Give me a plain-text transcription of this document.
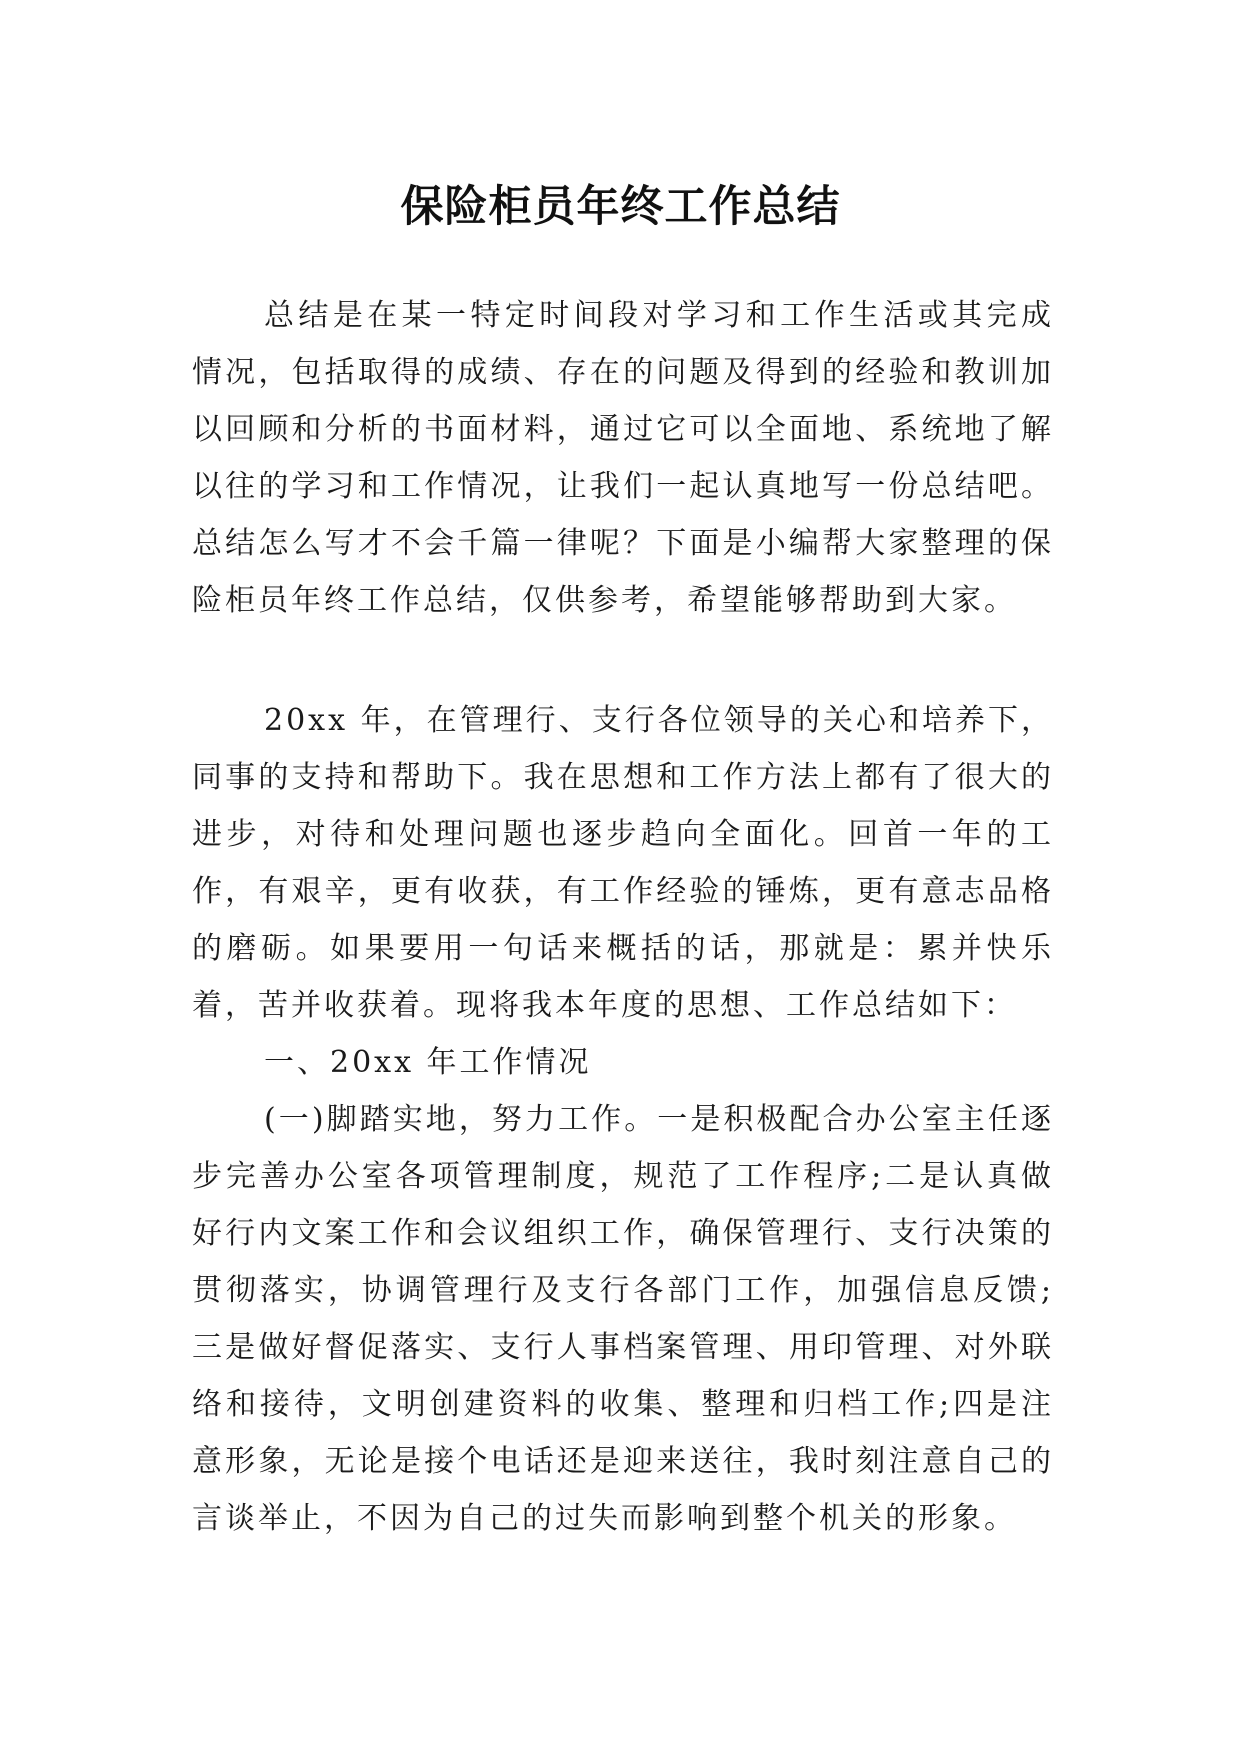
保险柜员年终工作总结

总结是在某一特定时间段对学习和工作生活或其完成情况，包括取得的成绩、存在的问题及得到的经验和教训加以回顾和分析的书面材料，通过它可以全面地、系统地了解以往的学习和工作情况，让我们一起认真地写一份总结吧。总结怎么写才不会千篇一律呢？下面是小编帮大家整理的保险柜员年终工作总结，仅供参考，希望能够帮助到大家。

20xx 年，在管理行、支行各位领导的关心和培养下，同事的支持和帮助下。我在思想和工作方法上都有了很大的进步，对待和处理问题也逐步趋向全面化。回首一年的工作，有艰辛，更有收获，有工作经验的锤炼，更有意志品格的磨砺。如果要用一句话来概括的话，那就是：累并快乐着，苦并收获着。现将我本年度的思想、工作总结如下：

一、20xx 年工作情况

(一)脚踏实地，努力工作。一是积极配合办公室主任逐步完善办公室各项管理制度，规范了工作程序;二是认真做好行内文案工作和会议组织工作，确保管理行、支行决策的贯彻落实，协调管理行及支行各部门工作，加强信息反馈;三是做好督促落实、支行人事档案管理、用印管理、对外联络和接待，文明创建资料的收集、整理和归档工作;四是注意形象，无论是接个电话还是迎来送往，我时刻注意自己的言谈举止，不因为自己的过失而影响到整个机关的形象。
